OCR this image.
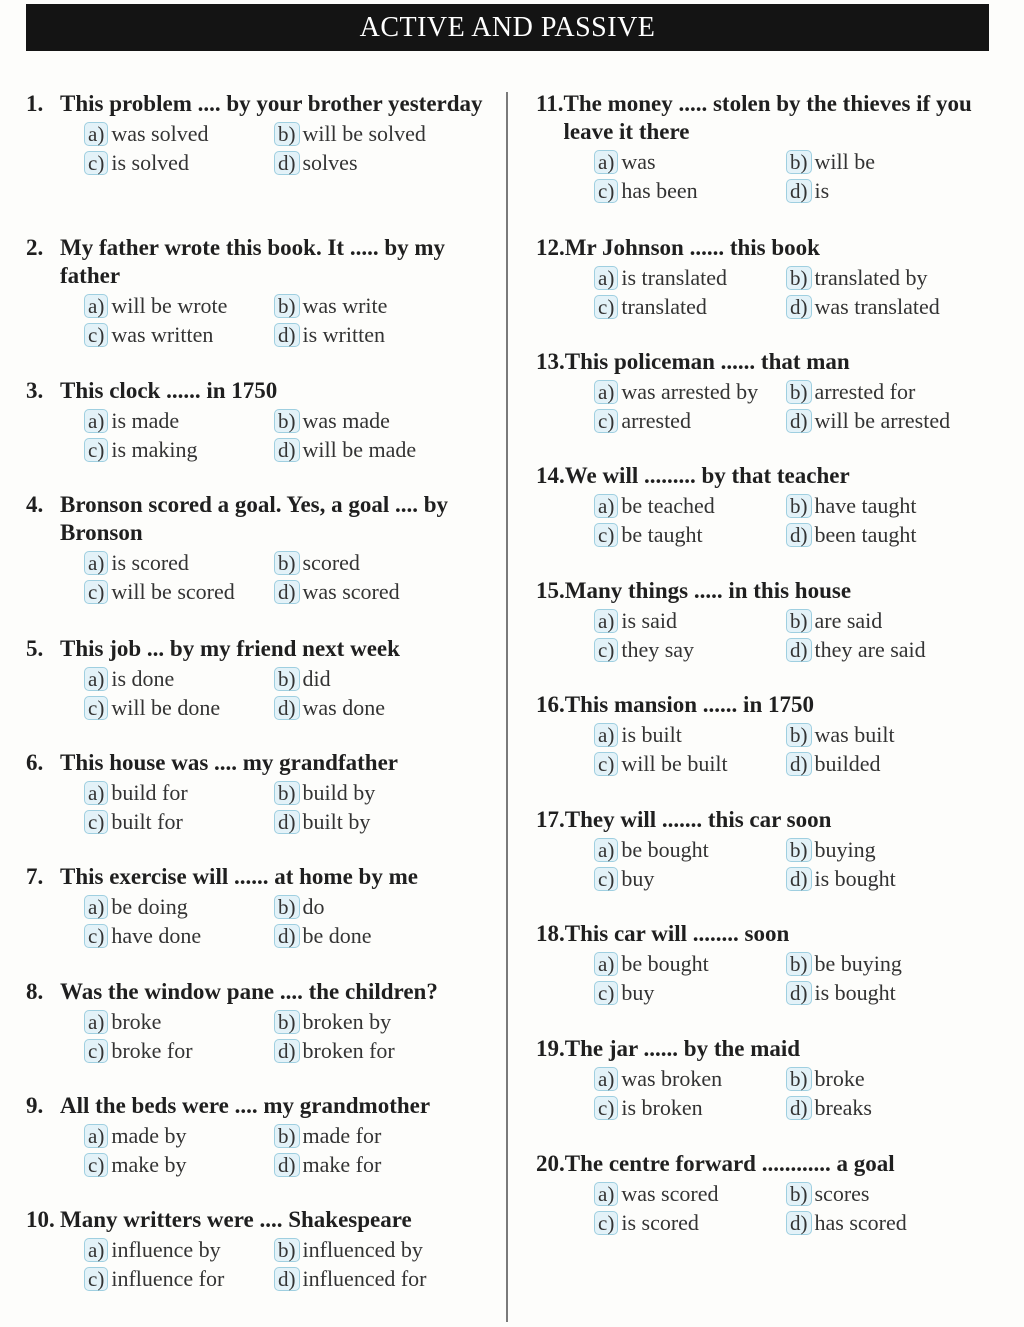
ACTIVE AND PASSIVE
1. This problem .... by your brother yesterday
a) was solved	b) will be solved
c) is solved	d) solves
2. My father wrote this book. It ..... by my father
a) will be wrote b) was write
c) was written	d) is written
3. This clock ...... in 1750
a) is made	b) was made
c) is making	d) will be made
4. Bronson scored a goal. Yes, a goal .... by Bronson
a) is scored	b) scored
c) will be scored d) was scored
5. This job ... by my friend next week
a) is done	b) did
c) will be done	d) was done
6. This house was .... my grandfather
a) build for	b) build by
c) built for	d) built by
7. This exercise will ...... at home by me
a) be doing	b) do
c) have done	d) be done
8. Was the window pane .... the children?
a) broke	b) broken by
c) broke for	d) broken for
9. All the beds were .... my grandmother
a) made by	b) made for
c) make by	d) make for
10. Many writters were .... Shakespeare
a) influence by	b) influenced by
c) influence for	d) influenced for
11. The money ..... stolen by the thieves if you leave it there
a) was	b) will be
c) has been	d) is
12. Mr Johnson ...... this book
a) is translated	b) translated by
c) translated	d) was translated
13. This policeman ...... that man
a) was arrested by b) arrested for
c) arrested	d) will be arrested
14. We will ......... by that teacher
a) be teached	b) have taught
c) be taught	d) been taught
15. Many things ..... in this house
a) is said	b) are said
c) they say	d) they are said
16. This mansion ...... in 1750
a) is built	b) was built
c) will be built	d) builded
17. They will ....... this car soon
a) be bought	b) buying
c) buy	d) is bought
18. This car will ........ soon
a) be bought	b) be buying
c) buy	d) is bought
19. The jar ...... by the maid
a) was broken	b) broke
c) is broken	d) breaks
20. The centre forward ............ a goal
a) was scored	b) scores
c) is scored	d) has scored
